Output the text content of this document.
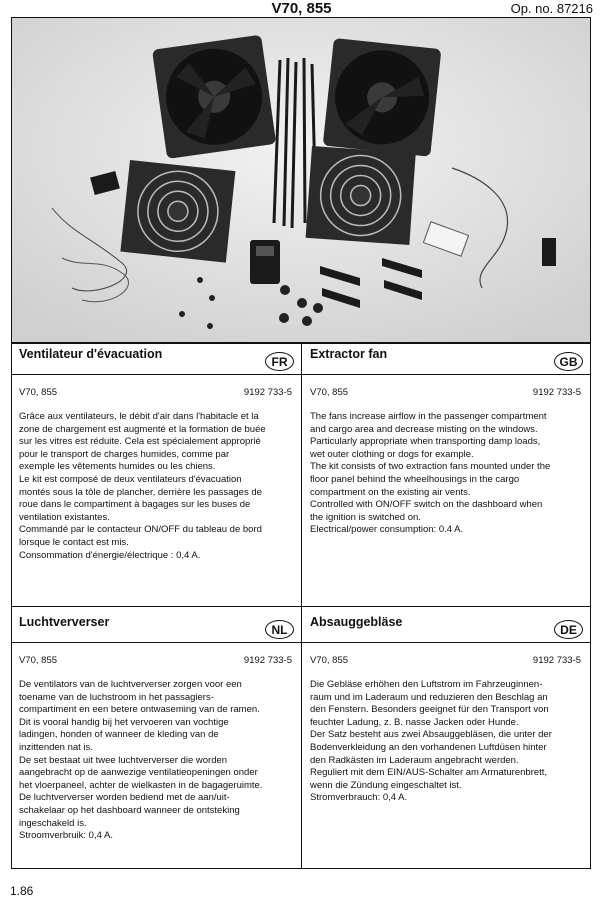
V70, 855	Op. no. 87216
Ventilateur d'évacuation
FR
V70, 855	9192 733-5
Grâce aux ventilateurs, le débit d'air dans l'habitacle et la
zone de chargement est augmenté et la formation de buée
sur les vitres est réduite. Cela est spécialement approprié
pour le transport de charges humides, comme par
exemple les vêtements humides ou les chiens.
Le kit est composé de deux ventilateurs d'évacuation
montés sous la tôle de plancher, derrière les passages de
roue dans le compartiment à bagages sur les buses de
ventilation existantes.
Commandé par le contacteur ON/OFF du tableau de bord
lorsque le contact est mis.
Consommation d'énergie/électrique : 0,4 A.
Extractor fan
GB
V70, 855	9192 733-5
The fans increase airflow in the passenger compartment
and cargo area and decrease misting on the windows.
Particularly appropriate when transporting damp loads,
wet outer clothing or dogs for example.
The kit consists of two extraction fans mounted under the
floor panel behind the wheelhousings in the cargo
compartment on the existing air vents.
Controlled with ON/OFF switch on the dashboard when
the ignition is switched on.
Electrical/power consumption: 0.4 A.
Luchtververser
NL
V70, 855	9192 733-5
De ventilators van de luchtververser zorgen voor een
toename van de luchstroom in het passagiers-
compartiment en een betere ontwaseming van de ramen.
Dit is vooral handig bij het vervoeren van vochtige
ladingen, honden of wanneer de kleding van de
inzittenden nat is.
De set bestaat uit twee luchtververser die worden
aangebracht op de aanwezige ventilatieopeningen onder
het vloerpaneel, achter de wielkasten in de bagageruimte.
De luchtververser worden bediend met de aan/uit-
schakelaar op het dashboard wanneer de ontsteking
ingeschakeld is.
Stroomverbruik: 0,4 A.
Absauggebläse
DE
V70, 855	9192 733-5
Die Gebläse erhöhen den Luftstrom im Fahrzeuginnen-
raum und im Laderaum und reduzieren den Beschlag an
den Fenstern. Besonders geeignet für den Transport von
feuchter Ladung, z. B. nasse Jacken oder Hunde.
Der Satz besteht aus zwei Absauggebläsen, die unter der
Bodenverkleidung an den vorhandenen Luftdüsen hinter
den Radkästen im Laderaum angebracht werden.
Reguliert mit dem EIN/AUS-Schalter am Armaturenbrett,
wenn die Zündung eingeschaltet ist.
Stromverbrauch: 0,4 A.
1.86
